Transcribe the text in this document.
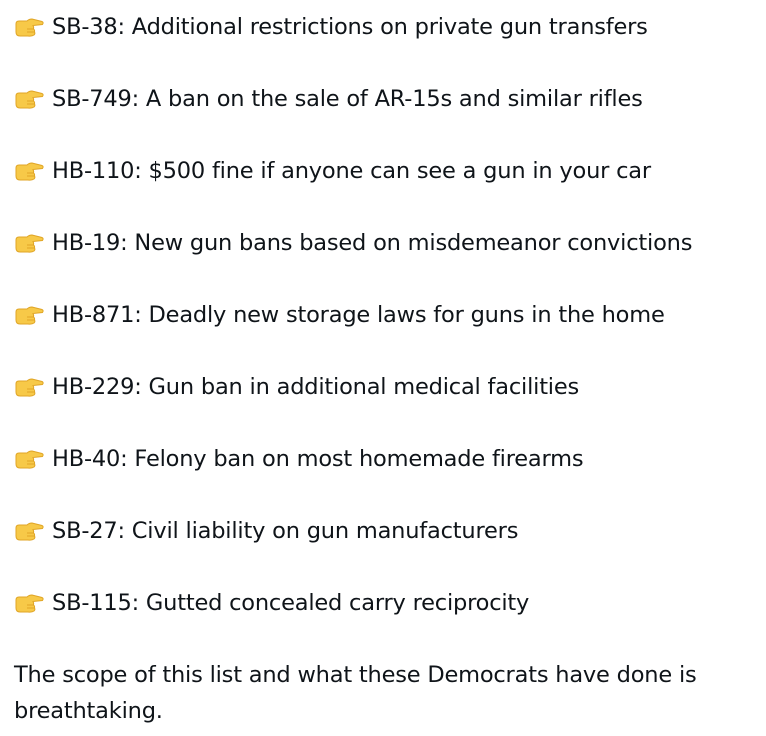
SB-38: Additional restrictions on private gun transfers
SB-749: A ban on the sale of AR-15s and similar rifles
HB-110: $500 fine if anyone can see a gun in your car
HB-19: New gun bans based on misdemeanor convictions
HB-871: Deadly new storage laws for guns in the home
HB-229: Gun ban in additional medical facilities
HB-40: Felony ban on most homemade firearms
SB-27: Civil liability on gun manufacturers
SB-115: Gutted concealed carry reciprocity

The scope of this list and what these Democrats have done is breathtaking.
